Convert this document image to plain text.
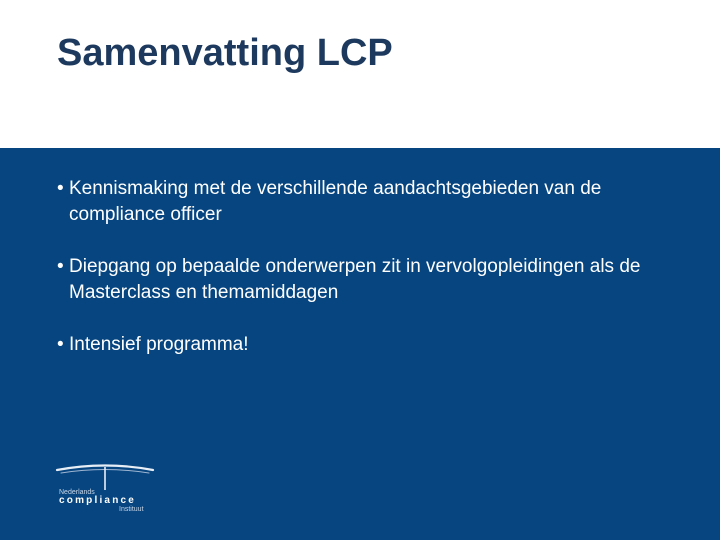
Samenvatting LCP
• Kennismaking met de verschillende aandachtsgebieden van de compliance officer
• Diepgang op bepaalde onderwerpen zit in vervolgopleidingen als de Masterclass en themamiddagen
• Intensief programma!
Nederlands
compliance
Instituut
